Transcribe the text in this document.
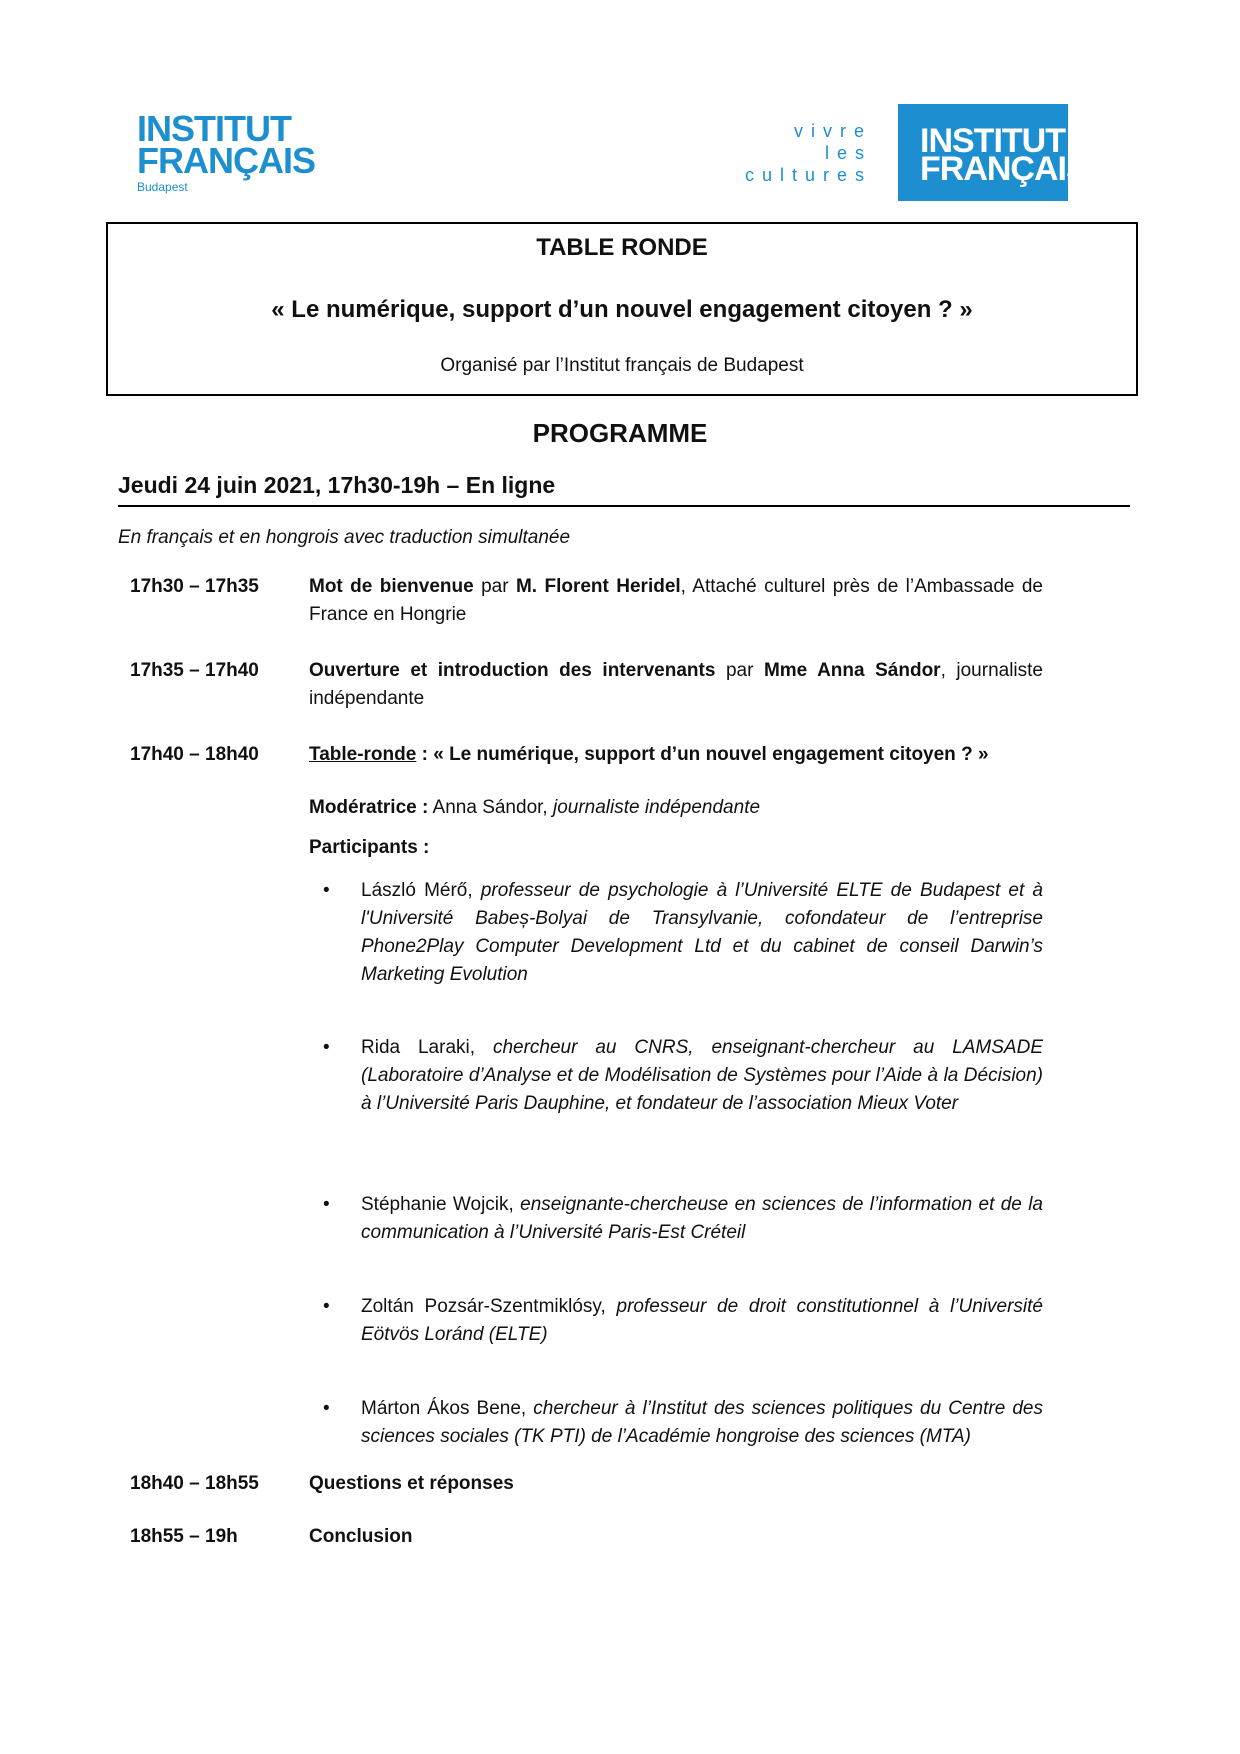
INSTITUT
FRANÇAIS
Budapest
vivre
les
cultures
INSTITUT
FRANÇAIS
TABLE RONDE
« Le numérique, support d’un nouvel engagement citoyen ? »
Organisé par l’Institut français de Budapest
PROGRAMME
Jeudi 24 juin 2021, 17h30-19h – En ligne
En français et en hongrois avec traduction simultanée
17h30 – 17h35	Mot de bienvenue par M. Florent Heridel, Attaché culturel près de l’Ambassade de France en Hongrie
17h35 – 17h40	Ouverture et introduction des intervenants par Mme Anna Sándor, journaliste indépendante
17h40 – 18h40	Table-ronde : « Le numérique, support d’un nouvel engagement citoyen ? »
Modératrice : Anna Sándor, journaliste indépendante
Participants :
• László Mérő, professeur de psychologie à l’Université ELTE de Budapest et à l'Université Babeș-Bolyai de Transylvanie, cofondateur de l’entreprise Phone2Play Computer Development Ltd et du cabinet de conseil Darwin’s Marketing Evolution
• Rida Laraki, chercheur au CNRS, enseignant-chercheur au LAMSADE (Laboratoire d’Analyse et de Modélisation de Systèmes pour l’Aide à la Décision) à l’Université Paris Dauphine, et fondateur de l’association Mieux Voter
• Stéphanie Wojcik, enseignante-chercheuse en sciences de l’information et de la communication à l’Université Paris-Est Créteil
• Zoltán Pozsár-Szentmiklósy, professeur de droit constitutionnel à l’Université Eötvös Loránd (ELTE)
• Márton Ákos Bene, chercheur à l’Institut des sciences politiques du Centre des sciences sociales (TK PTI) de l’Académie hongroise des sciences (MTA)
18h40 – 18h55	Questions et réponses
18h55 – 19h	Conclusion
